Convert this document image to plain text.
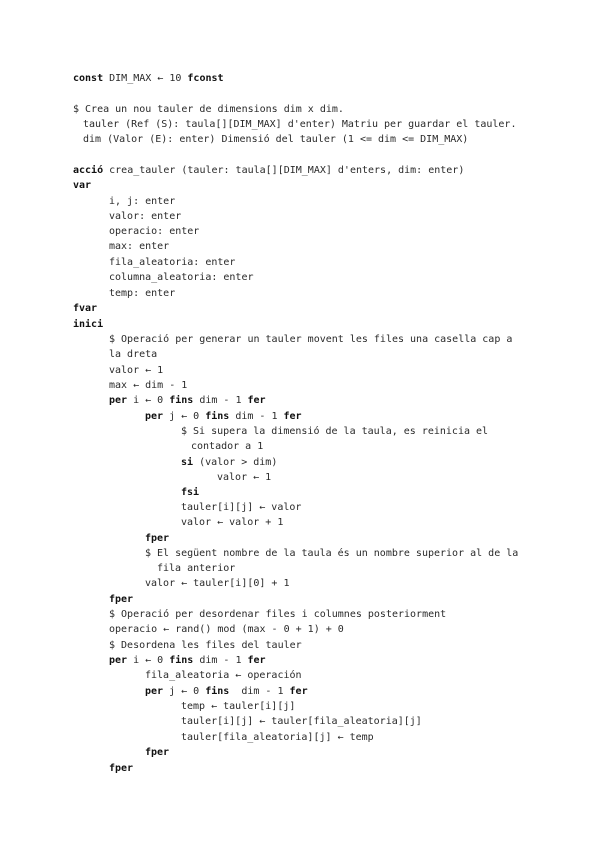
const DIM_MAX ← 10 fconst
$ Crea un nou tauler de dimensions dim x dim.
tauler (Ref (S): taula[][DIM_MAX] d'enter) Matriu per guardar el tauler.
dim (Valor (E): enter) Dimensió del tauler (1 <= dim <= DIM_MAX)
acció crea_tauler (tauler: taula[][DIM_MAX] d'enters, dim: enter)
var
i, j: enter
valor: enter
operacio: enter
max: enter
fila_aleatoria: enter
columna_aleatoria: enter
temp: enter
fvar
inici
$ Operació per generar un tauler movent les files una casella cap a
la dreta
valor ← 1
max ← dim - 1
per i ← 0 fins dim - 1 fer
per j ← 0 fins dim - 1 fer
$ Si supera la dimensió de la taula, es reinicia el
contador a 1
si (valor > dim)
valor ← 1
fsi
tauler[i][j] ← valor
valor ← valor + 1
fper
$ El següent nombre de la taula és un nombre superior al de la
fila anterior
valor ← tauler[i][0] + 1
fper
$ Operació per desordenar files i columnes posteriorment
operacio ← rand() mod (max - 0 + 1) + 0
$ Desordena les files del tauler
per i ← 0 fins dim - 1 fer
fila_aleatoria ← operación
per j ← 0 fins  dim - 1 fer
temp ← tauler[i][j]
tauler[i][j] ← tauler[fila_aleatoria][j]
tauler[fila_aleatoria][j] ← temp
fper
fper
